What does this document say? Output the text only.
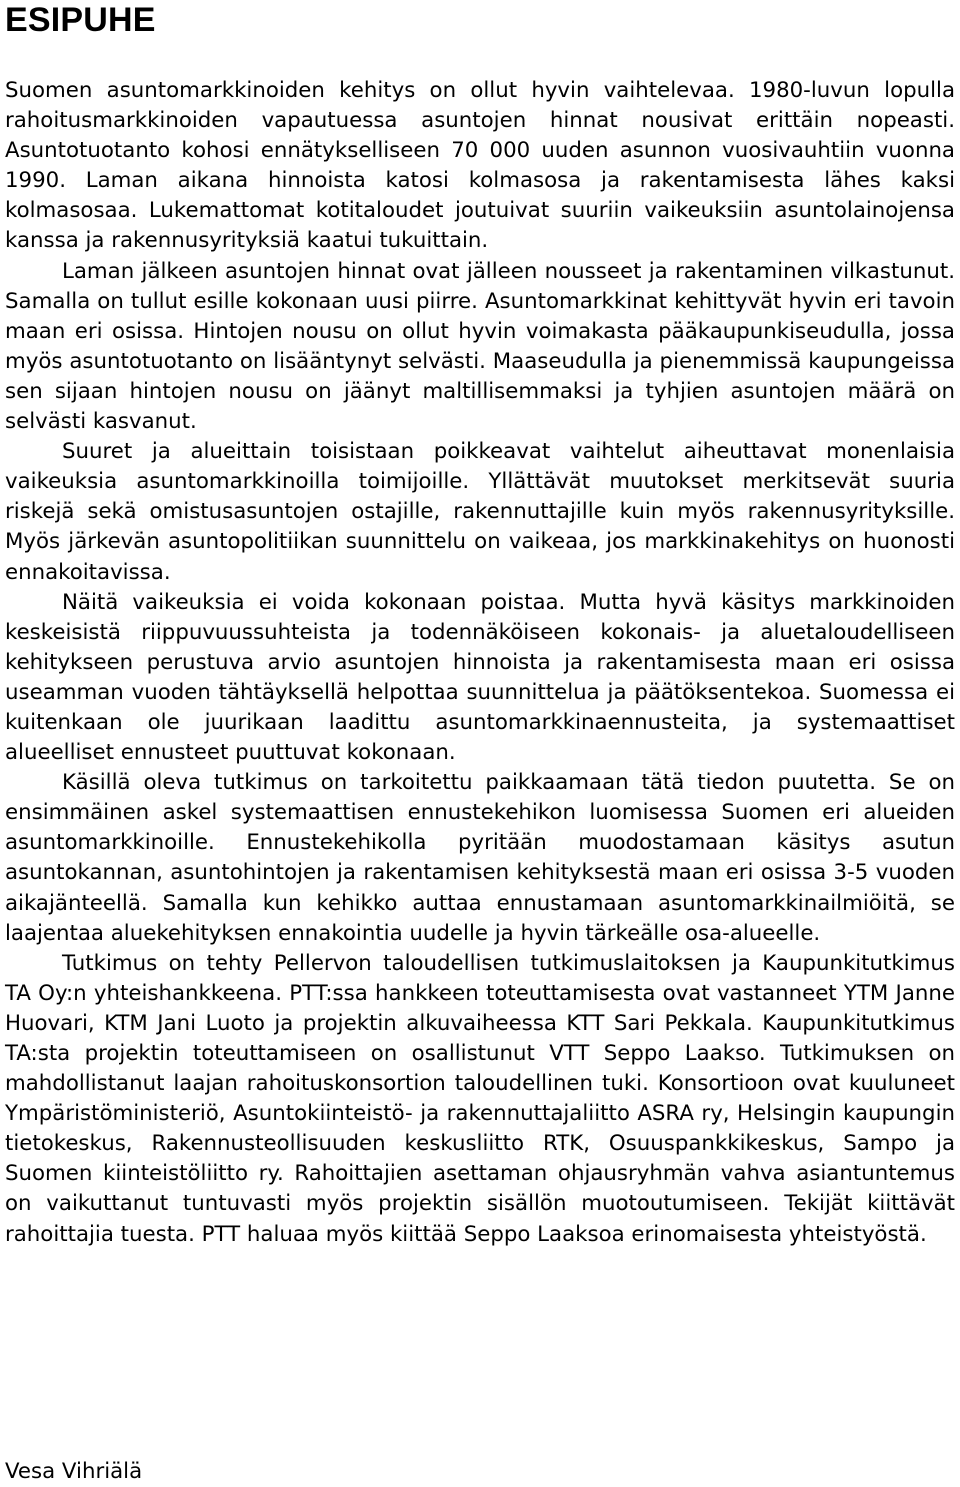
ESIPUHE

Suomen asuntomarkkinoiden kehitys on ollut hyvin vaihtelevaa. 1980-luvun lopulla rahoitusmarkkinoiden vapautuessa asuntojen hinnat nousivat erittäin nopeasti. Asuntotuotanto kohosi ennätykselliseen 70 000 uuden asunnon vuosivauhtiin vuonna 1990. Laman aikana hinnoista katosi kolmasosa ja rakentamisesta lähes kaksi kolmasosaa. Lukemattomat kotitaloudet joutuivat suuriin vaikeuksiin asuntolainojensa kanssa ja rakennusyrityksiä kaatui tukuittain.

Laman jälkeen asuntojen hinnat ovat jälleen nousseet ja rakentaminen vilkastunut. Samalla on tullut esille kokonaan uusi piirre. Asuntomarkkinat kehittyvät hyvin eri tavoin maan eri osissa. Hintojen nousu on ollut hyvin voimakasta pääkaupunkiseudulla, jossa myös asuntotuotanto on lisääntynyt selvästi. Maaseudulla ja pienemmissä kaupungeissa sen sijaan hintojen nousu on jäänyt maltillisemmaksi ja tyhjien asuntojen määrä on selvästi kasvanut.

Suuret ja alueittain toisistaan poikkeavat vaihtelut aiheuttavat monenlaisia vaikeuksia asuntomarkkinoilla toimijoille. Yllättävät muutokset merkitsevät suuria riskejä sekä omistusasuntojen ostajille, rakennuttajille kuin myös rakennusyrityksille. Myös järkevän asuntopolitiikan suunnittelu on vaikeaa, jos markkinakehitys on huonosti ennakoitavissa.

Näitä vaikeuksia ei voida kokonaan poistaa. Mutta hyvä käsitys markkinoiden keskeisistä riippuvuussuhteista ja todennäköiseen kokonais- ja aluetaloudelliseen kehitykseen perustuva arvio asuntojen hinnoista ja rakentamisesta maan eri osissa useamman vuoden tähtäyksellä helpottaa suunnittelua ja päätöksentekoa. Suomessa ei kuitenkaan ole juurikaan laadittu asuntomarkkinaennusteita, ja systemaattiset alueelliset ennusteet puuttuvat kokonaan.

Käsillä oleva tutkimus on tarkoitettu paikkaamaan tätä tiedon puutetta. Se on ensimmäinen askel systemaattisen ennustekehikon luomisessa Suomen eri alueiden asuntomarkkinoille. Ennustekehikolla pyritään muodostamaan käsitys asutun asuntokannan, asuntohintojen ja rakentamisen kehityksestä maan eri osissa 3-5 vuoden aikajänteellä. Samalla kun kehikko auttaa ennustamaan asuntomarkkinailmiöitä, se laajentaa aluekehityksen ennakointia uudelle ja hyvin tärkeälle osa-alueelle.

Tutkimus on tehty Pellervon taloudellisen tutkimuslaitoksen ja Kaupunkitutkimus TA Oy:n yhteishankkeena. PTT:ssa hankkeen toteuttamisesta ovat vastanneet YTM Janne Huovari, KTM Jani Luoto ja projektin alkuvaiheessa KTT Sari Pekkala. Kaupunkitutkimus TA:sta projektin toteuttamiseen on osallistunut VTT Seppo Laakso. Tutkimuksen on mahdollistanut laajan rahoituskonsortion taloudellinen tuki. Konsortioon ovat kuuluneet Ympäristöministeriö, Asuntokiinteistö- ja rakennuttajaliitto ASRA ry, Helsingin kaupungin tietokeskus, Rakennusteollisuuden keskusliitto RTK, Osuuspankkikeskus, Sampo ja Suomen kiinteistöliitto ry. Rahoittajien asettaman ohjausryhmän vahva asiantuntemus on vaikuttanut tuntuvasti myös projektin sisällön muotoutumiseen. Tekijät kiittävät rahoittajia tuesta. PTT haluaa myös kiittää Seppo Laaksoa erinomaisesta yhteistyöstä.

Vesa Vihriälä
